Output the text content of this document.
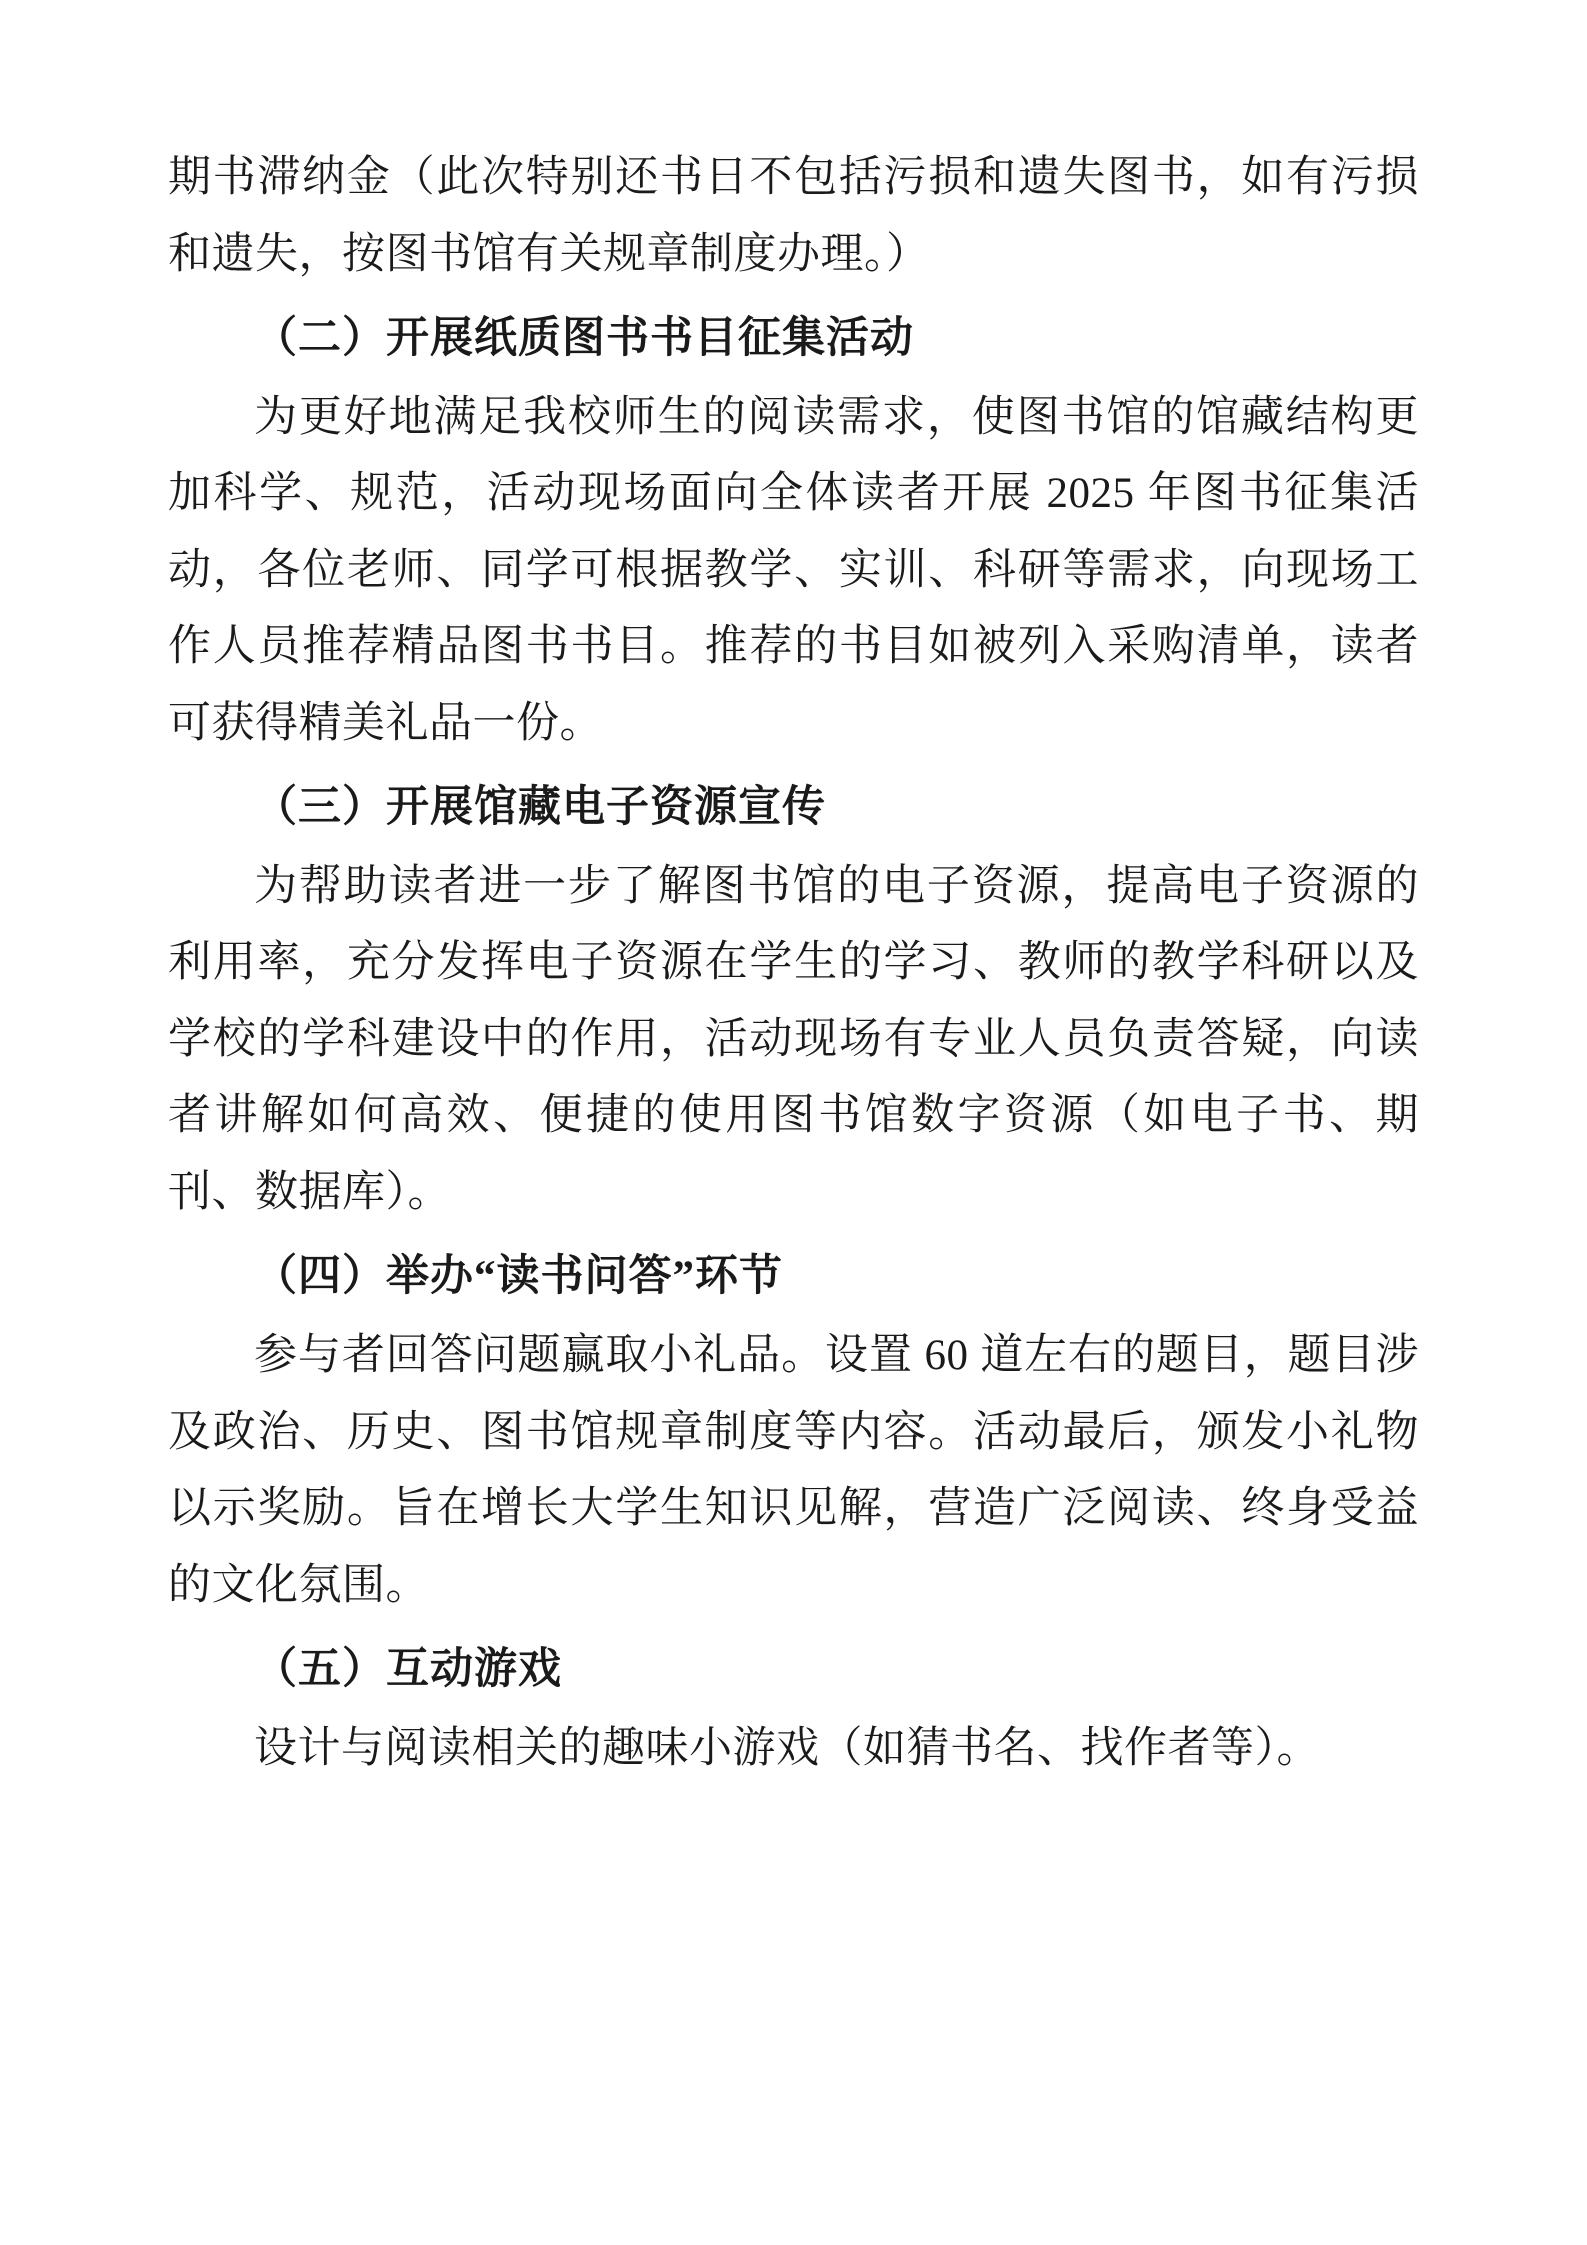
期书滞纳金（此次特别还书日不包括污损和遗失图书，如有污损和遗失，按图书馆有关规章制度办理。）

（二）开展纸质图书书目征集活动

为更好地满足我校师生的阅读需求，使图书馆的馆藏结构更加科学、规范，活动现场面向全体读者开展 2025 年图书征集活动，各位老师、同学可根据教学、实训、科研等需求，向现场工作人员推荐精品图书书目。推荐的书目如被列入采购清单，读者可获得精美礼品一份。

（三）开展馆藏电子资源宣传

为帮助读者进一步了解图书馆的电子资源，提高电子资源的利用率，充分发挥电子资源在学生的学习、教师的教学科研以及学校的学科建设中的作用，活动现场有专业人员负责答疑，向读者讲解如何高效、便捷的使用图书馆数字资源（如电子书、期刊、数据库）。

（四）举办“读书问答”环节

参与者回答问题赢取小礼品。设置 60 道左右的题目，题目涉及政治、历史、图书馆规章制度等内容。活动最后，颁发小礼物以示奖励。旨在增长大学生知识见解，营造广泛阅读、终身受益的文化氛围。

（五）互动游戏

设计与阅读相关的趣味小游戏（如猜书名、找作者等）。
